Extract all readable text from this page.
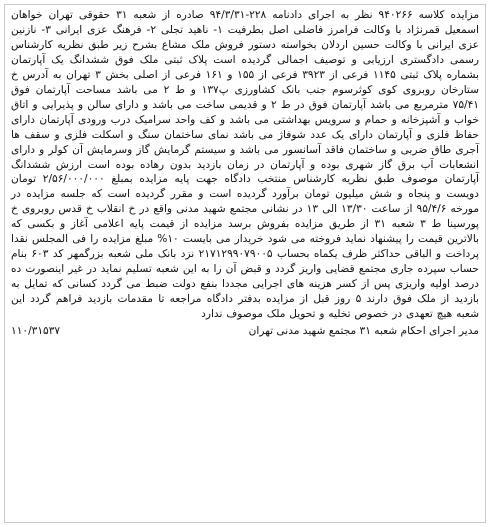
مزایده کلاسه ۹۴۰۲۶۶ نظر به اجرای دادنامه ۲۲۸-۹۴/۳/۳۱ صادره از شعبه ۳۱ حقوقی تهران خواهان اسمعیل قمرنژاد با وکالت فرامرز فاضلی اصل بطرفیت ۱- ناهید تجلی ۲- فرهنگ عزی ایرانی ۳- نازنین عزی ایرانی با وکالت حسین اردلان بخواسته دستور فروش ملک مشاع بشرح زیر طبق نظریه کارشناس رسمی دادگستری ارزیابی و توصیف اجمالی گردیده است پلاک ثبتی ملک فوق ششدانگ یک آپارتمان بشماره پلاک ثبتی ۱۱۴۵ فرعی از ۳۹۲۳ فرعی از ۱۵۵ و ۱۶۱ فرعی از اصلی بخش ۳ تهران به آدرس خ ستارخان روبروی کوی کوثرسوم جنب بانک کشاورزی پ۱۳۷ و ط ۲ می باشد مساحت آپارتمان فوق ۷۵/۴۱ مترمربع می باشد آپارتمان فوق در ط ۲ و قدیمی ساخت می باشد و دارای سالن و پذیرایی و اتاق خواب و آشپزخانه و حمام و سرویس بهداشتی می باشد و کف واحد سرامیک درب ورودی آپارتمان دارای حفاظ فلزی و آپارتمان دارای یک عدد شوفاژ می باشد نمای ساختمان سنگ و اسکلت فلزی و سقف ها آجری طاق ضربی و ساختمان فاقد آسانسور می باشد و سیستم گرمایش گاز وسرمایش آن کولر و دارای انشعابات آب برق گاز شهری بوده و آپارتمان در زمان بازدید بدون رهاده بوده است ارزش ششدانگ آپارتمان موصوف طبق نظریه کارشناس منتخب دادگاه جهت پایه مزایده بمبلغ ۲/۵۶/۰۰۰/۰۰۰ تومان دویست و پنجاه و شش میلیون تومان برآورد گردیده است و مقرر گردیده است که جلسه مزایده در مورخه ۹۵/۴/۶ از ساعت ۱۳/۳۰ الی ۱۳ در نشانی مجتمع شهید مدنی واقع در خ انقلاب خ قدس روبروی خ پورسینا ط ۳ شعبه ۳۱ از طریق مزایده بفروش برسد مزایده از قیمت پایه اعلامی آغاز و بکسی که بالاترین قیمت را پیشنهاد نماید فروخته می شود خریدار می بایست ۱۰% مبلغ مزایده را فی المجلس نقدا پرداخت و الباقی حداکثر ظرف یکماه بحساب ۲۱۷۱۲۹۹۰۷۹۰۰۵ نزد بانک ملی شعبه بزرگمهر کد ۶۰۳ بنام حساب سپرده جاری مجتمع قضایی واریز گردد و قبض آن را به این شعبه تسلیم نماید در غیر اینصورت ده درصد اولیه واریزی پس از کسر هزینه های اجرایی مجددا بنفع دولت ضبط می گردد کسانی که تمایل به بازدید از ملک فوق دارند ۵ روز قبل از مزایده بدفتر دادگاه مراجعه تا مقدمات بازدید فراهم گردد این شعبه هیچ تعهدی در خصوص تخلیه و تحویل ملک موصوف ندارد

مدیر اجرای احکام شعبه ۳۱ مجتمع شهید مدنی تهران
۱۱۰/۳۱۵۳۷
